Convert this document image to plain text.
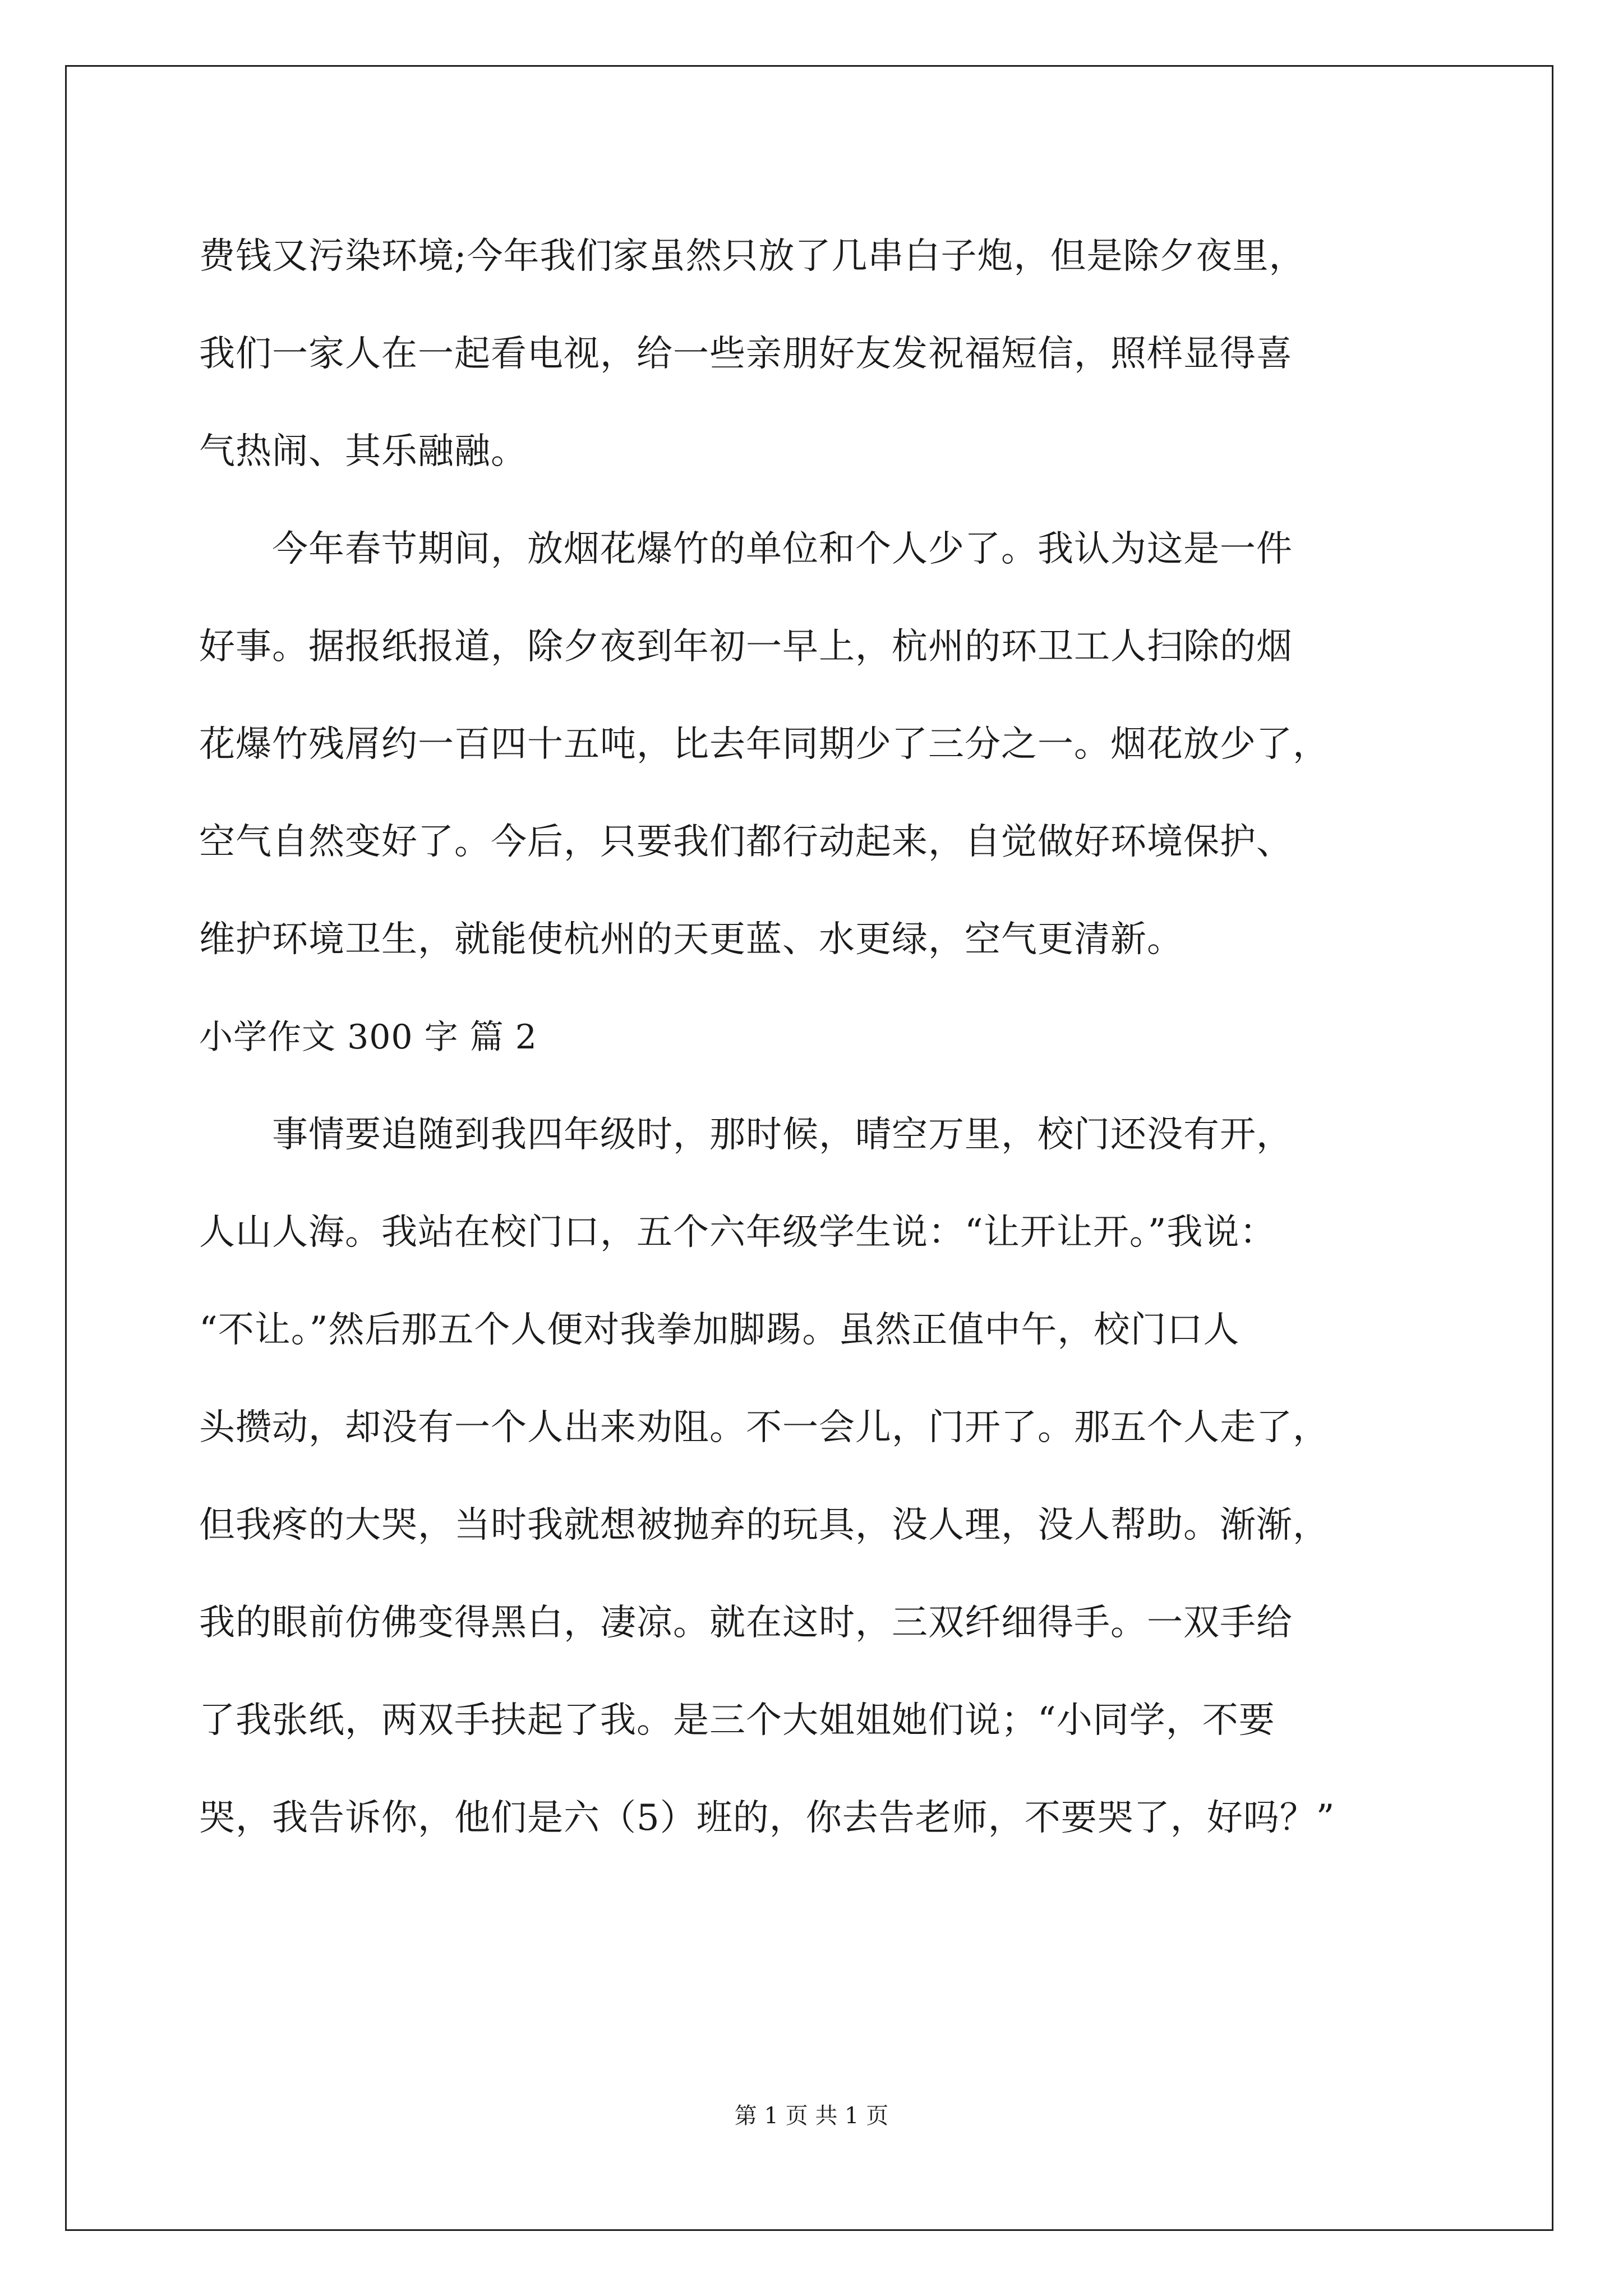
费钱又污染环境;今年我们家虽然只放了几串白子炮，但是除夕夜里，
我们一家人在一起看电视，给一些亲朋好友发祝福短信，照样显得喜
气热闹、其乐融融。
　　今年春节期间，放烟花爆竹的单位和个人少了。我认为这是一件
好事。据报纸报道，除夕夜到年初一早上，杭州的环卫工人扫除的烟
花爆竹残屑约一百四十五吨，比去年同期少了三分之一。烟花放少了，
空气自然变好了。今后，只要我们都行动起来，自觉做好环境保护、
维护环境卫生，就能使杭州的天更蓝、水更绿，空气更清新。
小学作文 300 字 篇 2
　　事情要追随到我四年级时，那时候，晴空万里，校门还没有开，
人山人海。我站在校门口，五个六年级学生说：“让开让开。”我说：
“不让。”然后那五个人便对我拳加脚踢。虽然正值中午，校门口人
头攒动，却没有一个人出来劝阻。不一会儿，门开了。那五个人走了，
但我疼的大哭，当时我就想被抛弃的玩具，没人理，没人帮助。渐渐，
我的眼前仿佛变得黑白，凄凉。就在这时，三双纤细得手。一双手给
了我张纸，两双手扶起了我。是三个大姐姐她们说；“小同学，不要
哭，我告诉你，他们是六（5）班的，你去告老师，不要哭了，好吗？”
第 1 页 共 1 页
